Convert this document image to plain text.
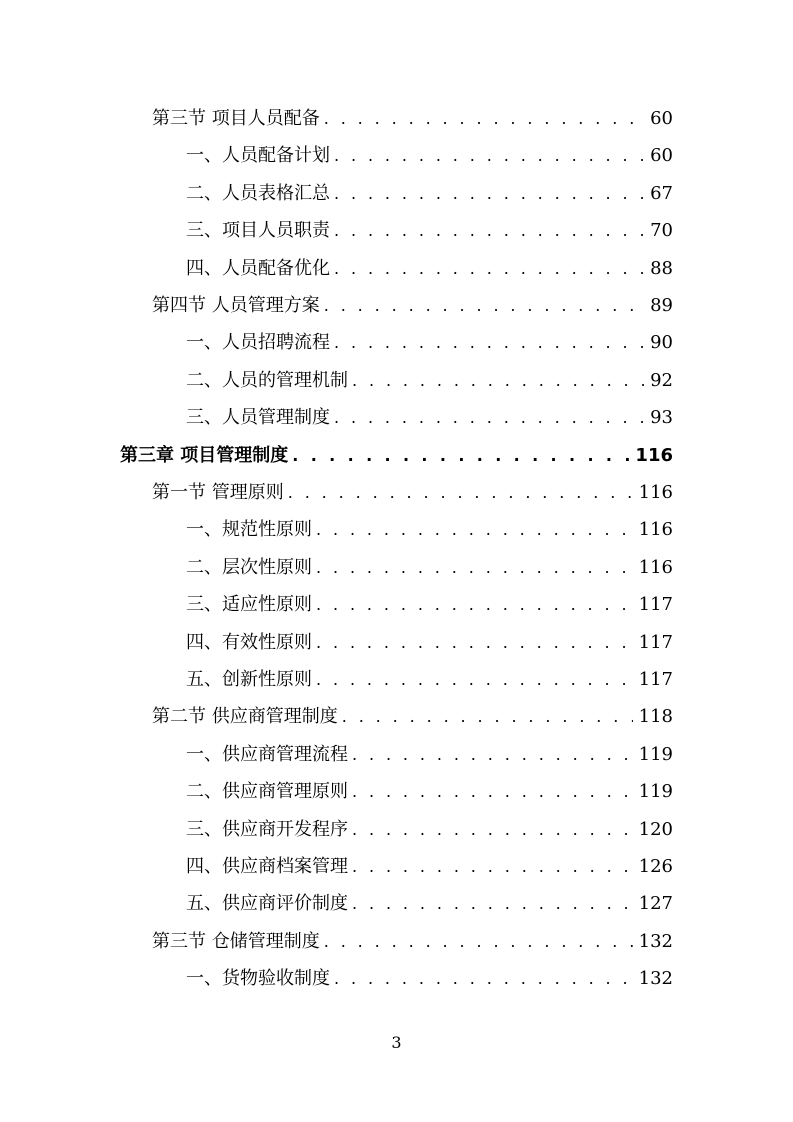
第三节 项目人员配备 . . .	60
一、人员配备计划 . . .	60
二、人员表格汇总 . . .	67
三、项目人员职责 . . .	70
四、人员配备优化 . . .	88
第四节 人员管理方案 . . .	89
一、人员招聘流程 . . .	90
二、人员的管理机制 . . .	92
三、人员管理制度 . . .	93
第三章 项目管理制度 . . .	116
第一节 管理原则 . . .	116
一、规范性原则 . . .	116
二、层次性原则 . . .	116
三、适应性原则 . . .	117
四、有效性原则 . . .	117
五、创新性原则 . . .	117
第二节 供应商管理制度 . . .	118
一、供应商管理流程 . . .	119
二、供应商管理原则 . . .	119
三、供应商开发程序 . . .	120
四、供应商档案管理 . . .	126
五、供应商评价制度 . . .	127
第三节 仓储管理制度 . . .	132
一、货物验收制度 . . .	132
3
